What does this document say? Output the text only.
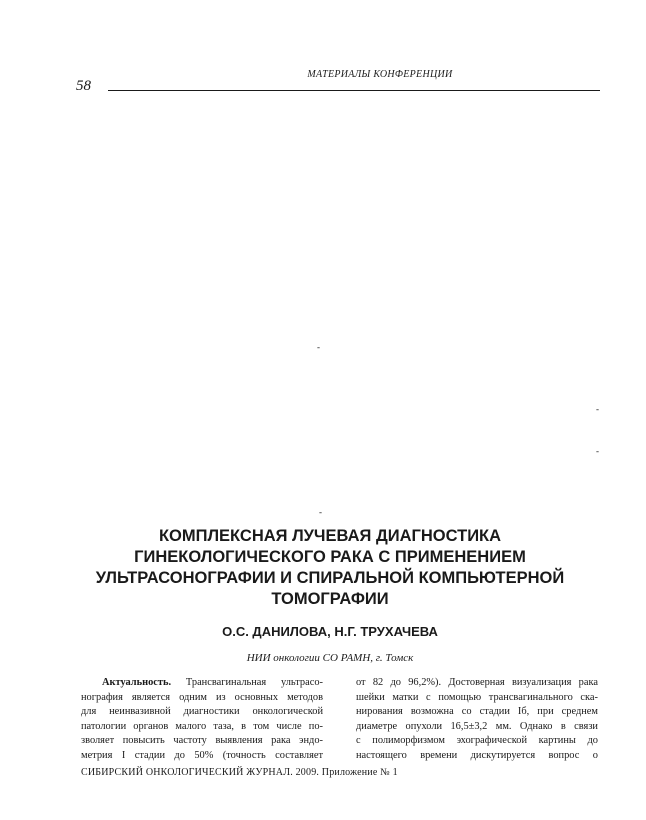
МАТЕРИАЛЫ КОНФЕРЕНЦИИ
58
-
-
-
-
КОМПЛЕКСНАЯ ЛУЧЕВАЯ ДИАГНОСТИКА ГИНЕКОЛОГИЧЕСКОГО РАКА С ПРИМЕНЕНИЕМ УЛЬТРАСОНОГРАФИИ И СПИРАЛЬНОЙ КОМПЬЮТЕРНОЙ ТОМОГРАФИИ
О.С. ДАНИЛОВА, Н.Г. ТРУХАЧЕВА
НИИ онкологии СО РАМН, г. Томск
Актуальность. Трансвагинальная ультрасо-
нография является одним из основных методов
для неинвазивной диагностики онкологической
патологии органов малого таза, в том числе по-
зволяет повысить частоту выявления рака эндо-
метрия I стадии до 50% (точность составляет
от 82 до 96,2%). Достоверная визуализация рака
шейки матки с помощью трансвагинального ска-
нирования возможна со стадии Iб, при среднем
диаметре опухоли 16,5±3,2 мм. Однако в связи
с полиморфизмом эхографической картины до
настоящего времени дискутируется вопрос о
СИБИРСКИЙ ОНКОЛОГИЧЕСКИЙ ЖУРНАЛ. 2009. Приложение № 1
